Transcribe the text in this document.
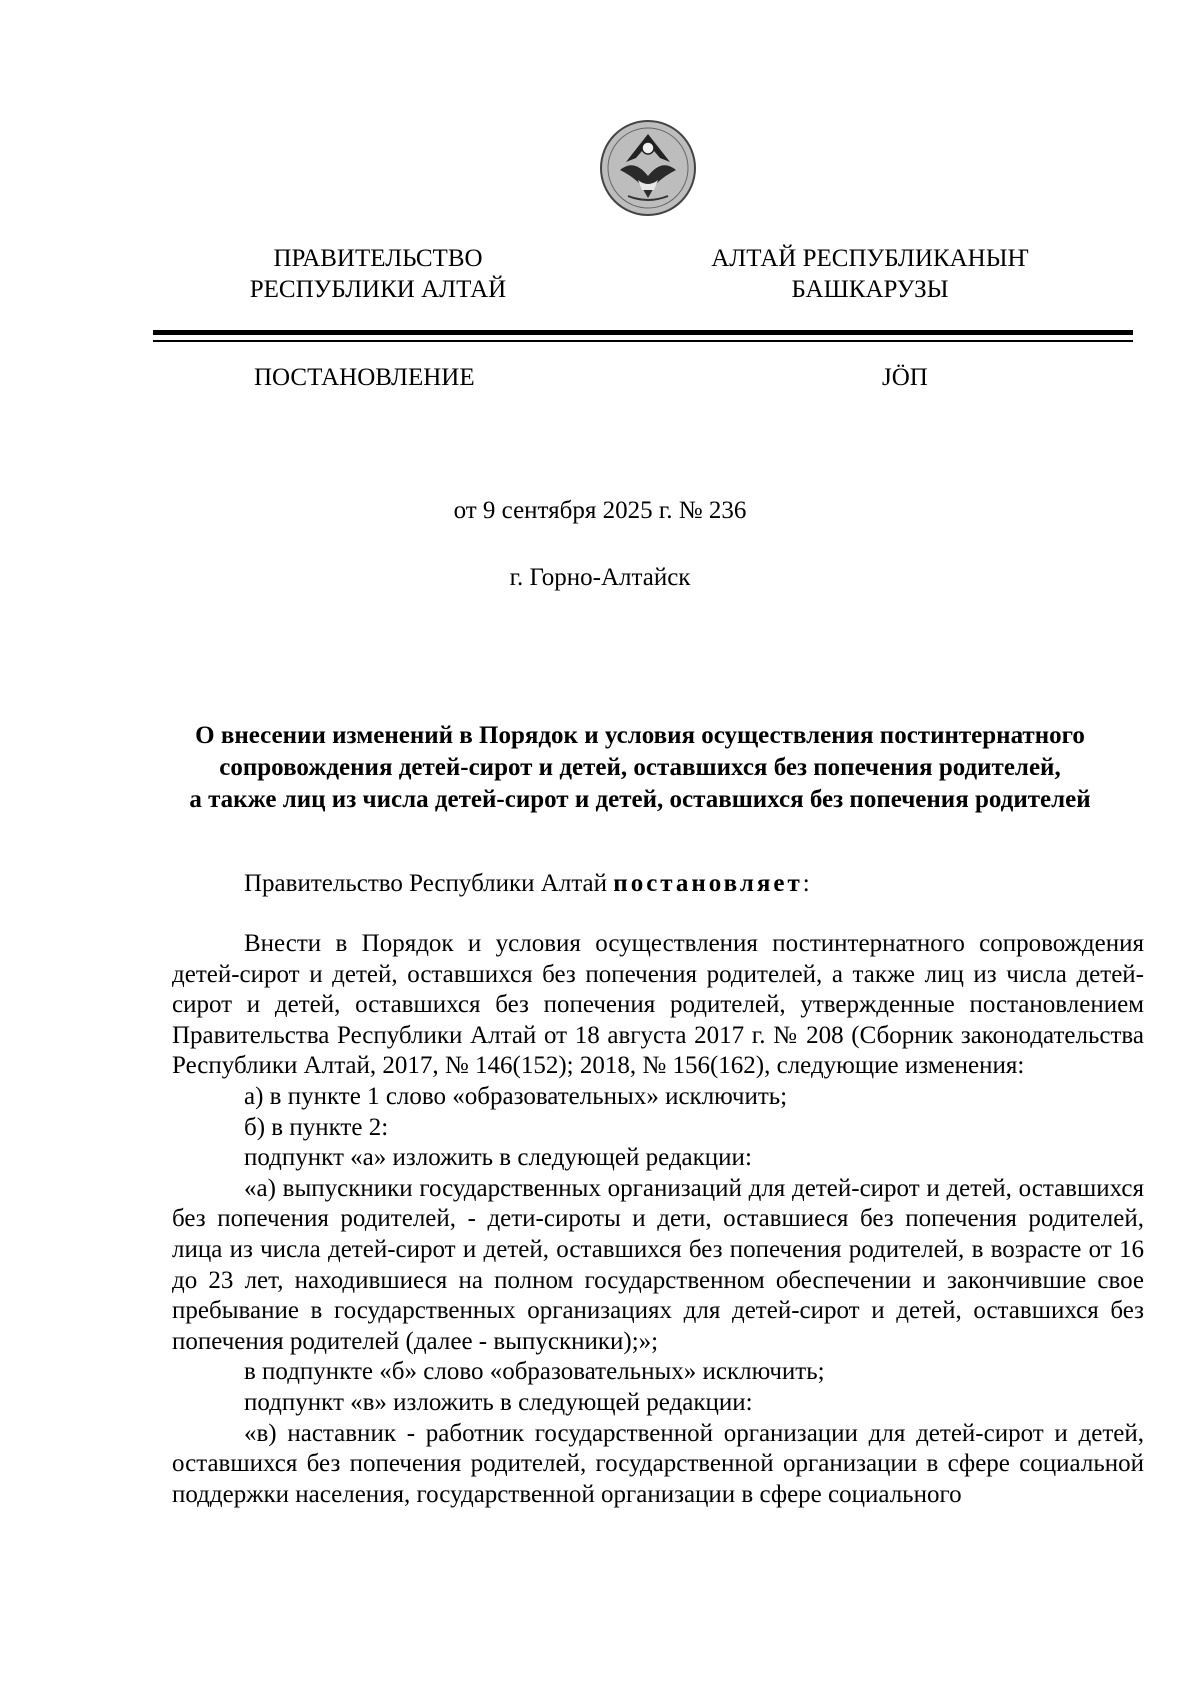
ПРАВИТЕЛЬСТВО
РЕСПУБЛИКИ АЛТАЙ
АЛТАЙ РЕСПУБЛИКАНЫҤ
БАШКАРУЗЫ
ПОСТАНОВЛЕНИЕ	JÖП
от 9 сентября 2025 г. № 236
г. Горно-Алтайск
О внесении изменений в Порядок и условия осуществления постинтернатного
сопровождения детей-сирот и детей, оставшихся без попечения родителей,
а также лиц из числа детей-сирот и детей, оставшихся без попечения родителей
Правительство Республики Алтай постановляет:

Внести в Порядок и условия осуществления постинтернатного сопровождения детей-сирот и детей, оставшихся без попечения родителей, а также лиц из числа детей-сирот и детей, оставшихся без попечения родителей, утвержденные постановлением Правительства Республики Алтай от 18 августа 2017 г. № 208 (Сборник законодательства Республики Алтай, 2017, № 146(152); 2018, № 156(162), следующие изменения:

а) в пункте 1 слово «образовательных» исключить;

б) в пункте 2:

подпункт «а» изложить в следующей редакции:

«а) выпускники государственных организаций для детей-сирот и детей, оставшихся без попечения родителей, - дети-сироты и дети, оставшиеся без попечения родителей, лица из числа детей-сирот и детей, оставшихся без попечения родителей, в возрасте от 16 до 23 лет, находившиеся на полном государственном обеспечении и закончившие свое пребывание в государственных организациях для детей-сирот и детей, оставшихся без попечения родителей (далее - выпускники);»;

в подпункте «б» слово «образовательных» исключить;

подпункт «в» изложить в следующей редакции:

«в) наставник - работник государственной организации для детей-сирот и детей, оставшихся без попечения родителей, государственной организации в сфере социальной поддержки населения, государственной организации в сфере социального
